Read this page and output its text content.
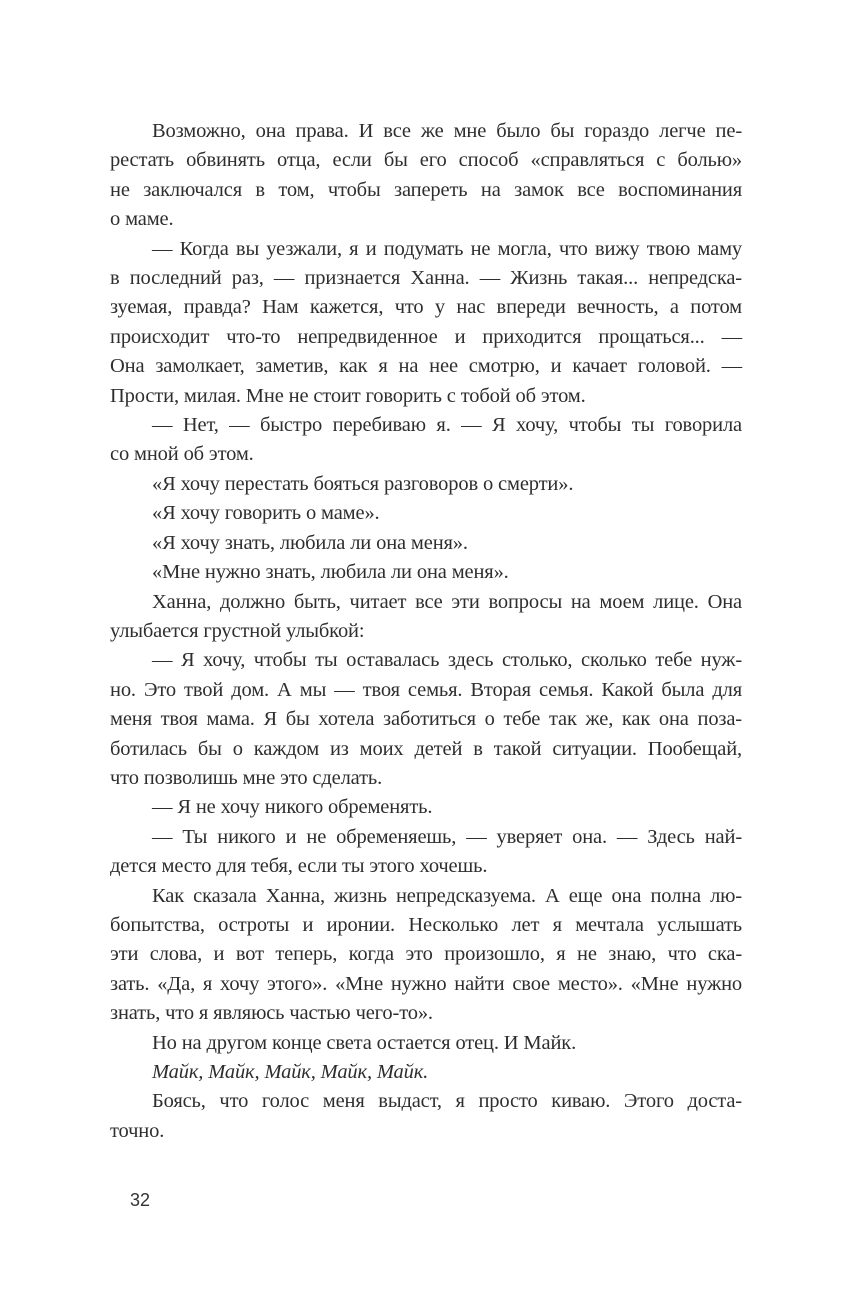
Возможно, она права. И все же мне было бы гораздо легче пе-
рестать обвинять отца, если бы его способ «справляться с болью»
не заключался в том, чтобы запереть на замок все воспоминания
о маме.
— Когда вы уезжали, я и подумать не могла, что вижу твою маму
в последний раз, — признается Ханна. — Жизнь такая... непредска-
зуемая, правда? Нам кажется, что у нас впереди вечность, а потом
происходит что-то непредвиденное и приходится прощаться... —
Она замолкает, заметив, как я на нее смотрю, и качает головой. —
Прости, милая. Мне не стоит говорить с тобой об этом.
— Нет, — быстро перебиваю я. — Я хочу, чтобы ты говорила
со мной об этом.
«Я хочу перестать бояться разговоров о смерти».
«Я хочу говорить о маме».
«Я хочу знать, любила ли она меня».
«Мне нужно знать, любила ли она меня».
Ханна, должно быть, читает все эти вопросы на моем лице. Она
улыбается грустной улыбкой:
— Я хочу, чтобы ты оставалась здесь столько, сколько тебе нуж-
но. Это твой дом. А мы — твоя семья. Вторая семья. Какой была для
меня твоя мама. Я бы хотела заботиться о тебе так же, как она поза-
ботилась бы о каждом из моих детей в такой ситуации. Пообещай,
что позволишь мне это сделать.
— Я не хочу никого обременять.
— Ты никого и не обременяешь, — уверяет она. — Здесь най-
дется место для тебя, если ты этого хочешь.
Как сказала Ханна, жизнь непредсказуема. А еще она полна лю-
бопытства, остроты и иронии. Несколько лет я мечтала услышать
эти слова, и вот теперь, когда это произошло, я не знаю, что ска-
зать. «Да, я хочу этого». «Мне нужно найти свое место». «Мне нужно
знать, что я являюсь частью чего-то».
Но на другом конце света остается отец. И Майк.
Майк, Майк, Майк, Майк, Майк.
Боясь, что голос меня выдаст, я просто киваю. Этого доста-
точно.
32
